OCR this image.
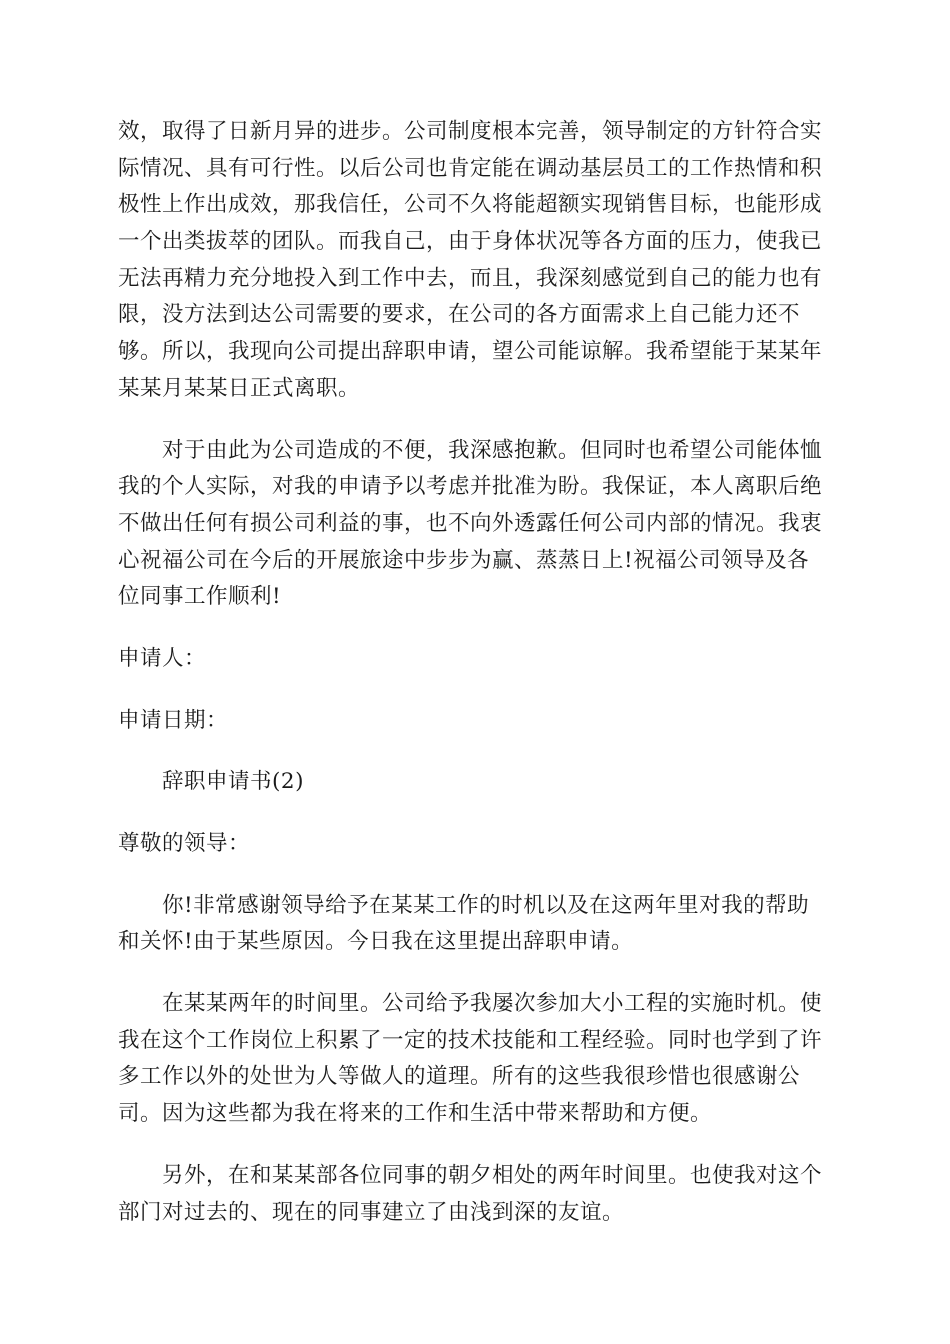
效，取得了日新月异的进步。公司制度根本完善，领导制定的方针符合实
际情况、具有可行性。以后公司也肯定能在调动基层员工的工作热情和积
极性上作出成效，那我信任，公司不久将能超额实现销售目标，也能形成
一个出类拔萃的团队。而我自己，由于身体状况等各方面的压力，使我已
无法再精力充分地投入到工作中去，而且，我深刻感觉到自己的能力也有
限，没方法到达公司需要的要求，在公司的各方面需求上自己能力还不
够。所以，我现向公司提出辞职申请，望公司能谅解。我希望能于某某年
某某月某某日正式离职。
对于由此为公司造成的不便，我深感抱歉。但同时也希望公司能体恤
我的个人实际，对我的申请予以考虑并批准为盼。我保证，本人离职后绝
不做出任何有损公司利益的事，也不向外透露任何公司内部的情况。我衷
心祝福公司在今后的开展旅途中步步为赢、蒸蒸日上!祝福公司领导及各
位同事工作顺利!
申请人：
申请日期：
辞职申请书(2)
尊敬的领导：
你!非常感谢领导给予在某某工作的时机以及在这两年里对我的帮助
和关怀!由于某些原因。今日我在这里提出辞职申请。
在某某两年的时间里。公司给予我屡次参加大小工程的实施时机。使
我在这个工作岗位上积累了一定的技术技能和工程经验。同时也学到了许
多工作以外的处世为人等做人的道理。所有的这些我很珍惜也很感谢公
司。因为这些都为我在将来的工作和生活中带来帮助和方便。
另外，在和某某部各位同事的朝夕相处的两年时间里。也使我对这个
部门对过去的、现在的同事建立了由浅到深的友谊。
